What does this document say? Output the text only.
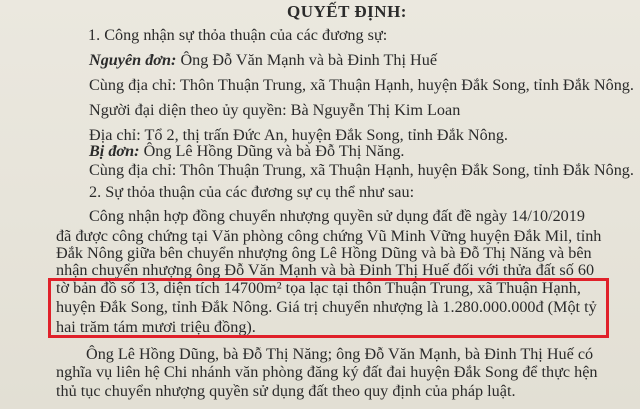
QUYẾT ĐỊNH:
1. Công nhận sự thỏa thuận của các đương sự:
Nguyên đơn: Ông Đỗ Văn Mạnh và bà Đinh Thị Huế
Cùng địa chỉ: Thôn Thuận Trung, xã Thuận Hạnh, huyện Đắk Song, tỉnh Đắk Nông.
Người đại diện theo ủy quyền: Bà Nguyễn Thị Kim Loan
Địa chỉ: Tổ 2, thị trấn Đức An, huyện Đắk Song, tỉnh Đắk Nông.
Bị đơn: Ông Lê Hồng Dũng và bà Đỗ Thị Năng.
Cùng địa chỉ: Thôn Thuận Trung, xã Thuận Hạnh, huyện Đắk Song, tỉnh Đắk Nông.
2. Sự thỏa thuận của các đương sự cụ thể như sau:
Công nhận hợp đồng chuyển nhượng quyền sử dụng đất đề ngày 14/10/2019
đã được công chứng tại Văn phòng công chứng Vũ Minh Vững huyện Đắk Mil, tỉnh
Đắk Nông giữa bên chuyển nhượng ông Lê Hồng Dũng và bà Đỗ Thị Năng và bên
nhận chuyển nhượng ông Đỗ Văn Mạnh và bà Đinh Thị Huế đối với thửa đất số 60
tờ bản đồ số 13, diện tích 14700m² tọa lạc tại thôn Thuận Trung, xã Thuận Hạnh,
huyện Đắk Song, tỉnh Đắk Nông. Giá trị chuyển nhượng là 1.280.000.000đ (Một tỷ
hai trăm tám mươi triệu đồng).
Ông Lê Hồng Dũng, bà Đỗ Thị Năng; ông Đỗ Văn Mạnh, bà Đinh Thị Huế có
nghĩa vụ liên hệ Chi nhánh văn phòng đăng ký đất đai huyện Đắk Song để thực hện
thủ tục chuyển nhượng quyền sử dụng đất theo quy định của pháp luật.
